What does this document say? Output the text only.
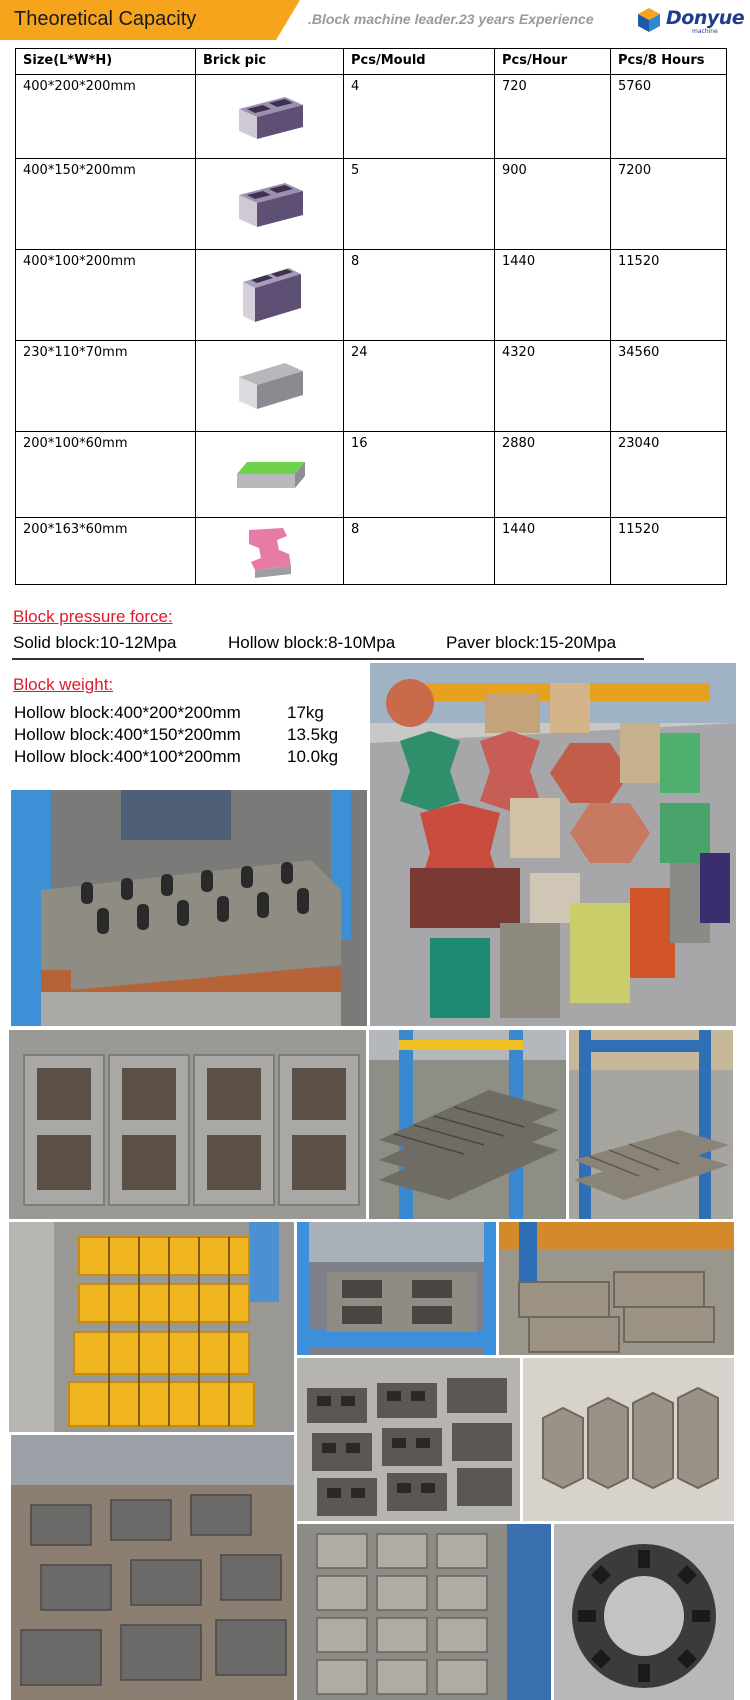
Theoretical Capacity	.Block machine leader.23 years Experience	Donyue
machine
Size(L*W*H)	Brick pic	Pcs/Mould	Pcs/Hour	Pcs/8 Hours
400*200*200mm		4	720	5760
400*150*200mm		5	900	7200
400*100*200mm		8	1440	11520
230*110*70mm		24	4320	34560
200*100*60mm		16	2880	23040
200*163*60mm		8	1440	11520
Block pressure force:
Solid block:10-12Mpa	Hollow block:8-10Mpa	Paver block:15-20Mpa
Block weight:
Hollow block:400*200*200mm	17kg
Hollow block:400*150*200mm	13.5kg
Hollow block:400*100*200mm	10.0kg
